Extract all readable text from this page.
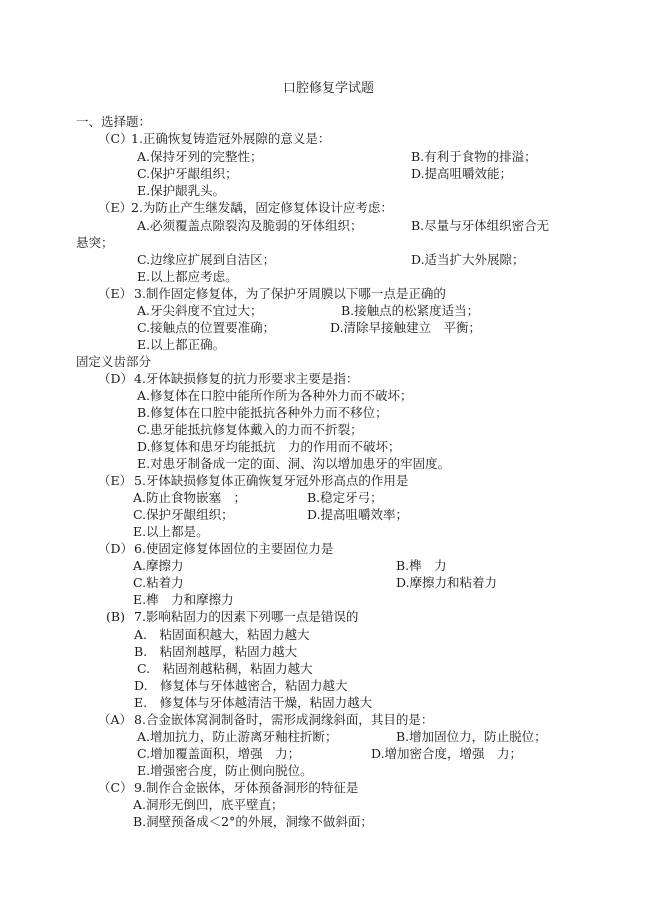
口腔修复学试题
一、选择题：
（C）
1.正确恢复铸造冠外展隙的意义是：
A.保持牙列的完整性；	B.有利于食物的排溢；
C.保护牙龈组织；	D.提高咀嚼效能；
E.保护龈乳头。
（E）
2.为防止产生继发龋，固定修复体设计应考虑：
A.必须覆盖点隙裂沟及脆弱的牙体组织；	B.尽量与牙体组织密合无
悬突；
C.边缘应扩展到自洁区；	D.适当扩大外展隙；
E.以上都应考虑。
（E） 3.制作固定修复体，为了保护牙周膜以下哪一点是正确的
A.牙尖斜度不宜过大；	B.接触点的松紧度适当；
C.接触点的位置要准确；	D.清除早接触建立　平衡；
E.以上都正确。
固定义齿部分
（D） 4.牙体缺损修复的抗力形要求主要是指：
A.修复体在口腔中能所作所为各种外力而不破坏；
B.修复体在口腔中能抵抗各种外力而不移位；
C.患牙能抵抗修复体戴入的力而不折裂；
D.修复体和患牙均能抵抗　力的作用而不破坏；
E.对患牙制备成一定的面、洞、沟以增加患牙的牢固度。
（E） 5.牙体缺损修复体正确恢复牙冠外形高点的作用是
A.防止食物嵌塞　；	B.稳定牙弓；
C.保护牙龈组织；	D.提高咀嚼效率；
E.以上都是。
（D） 6.使固定修复体固位的主要固位力是
A.摩擦力	B.榫　力
C.粘着力	D.摩擦力和粘着力
E.榫　力和摩擦力
(B) 7.影响粘固力的因素下列哪一点是错误的
A.　粘固面积越大，粘固力越大
B.　粘固剂越厚，粘固力越大
C.　粘固剂越粘稠，粘固力越大
D.　修复体与牙体越密合，粘固力越大
E.　修复体与牙体越清洁干燥，粘固力越大
（A） 8.合金嵌体窝洞制备时，需形成洞缘斜面，其目的是：
A.增加抗力，防止游离牙釉柱折断；	B.增加固位力，防止脱位；
C.增加覆盖面积，增强　力；	D.增加密合度，增强　力；
E.增强密合度，防止侧向脱位。
（C） 9.制作合金嵌体，牙体预备洞形的特征是
A.洞形无倒凹，底平壁直；
B.洞壁预备成＜2°的外展，洞缘不做斜面；
